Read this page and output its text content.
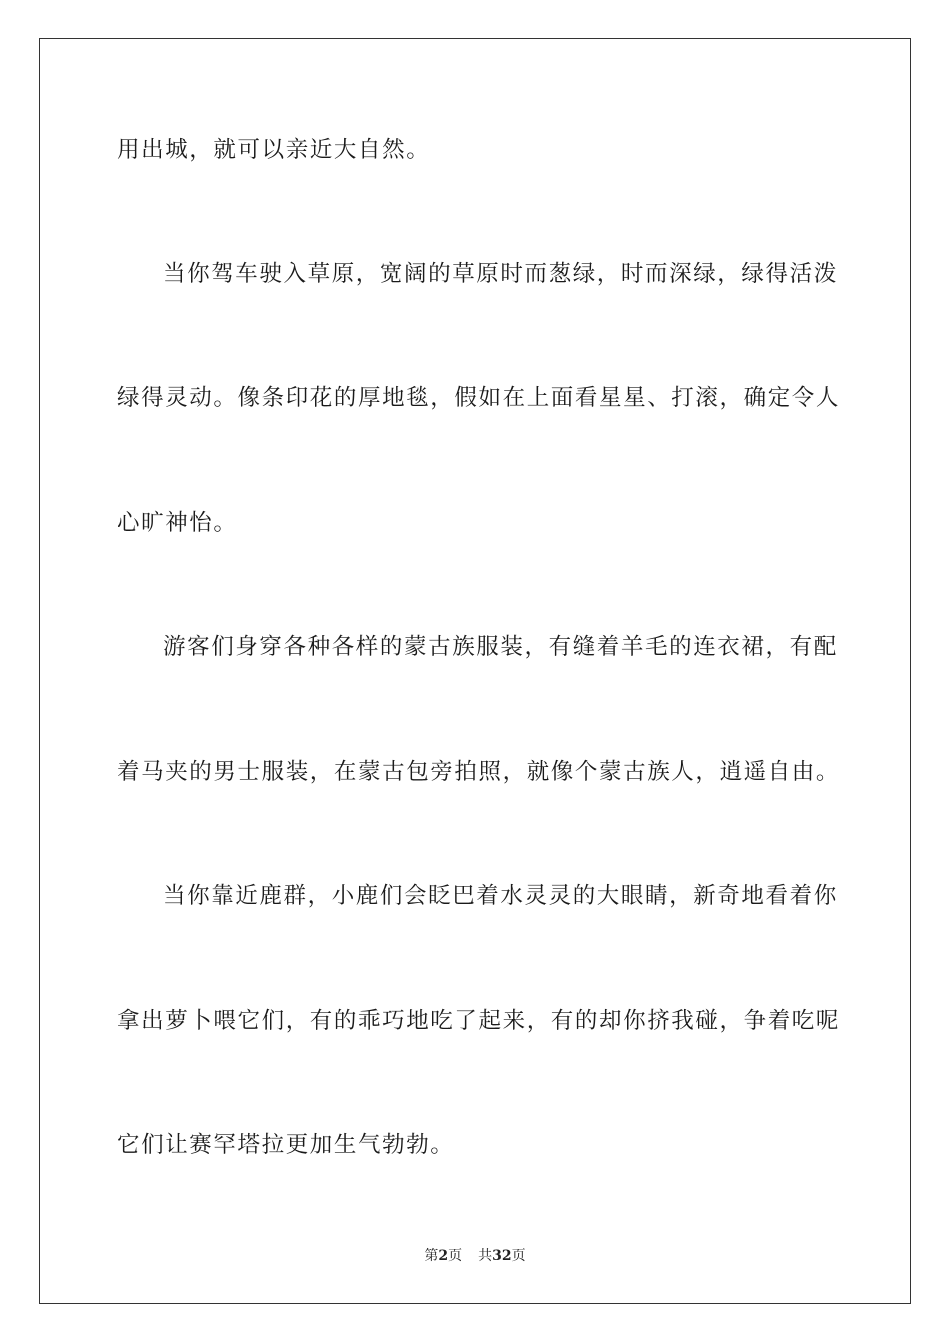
用出城，就可以亲近大自然。
当你驾车驶入草原，宽阔的草原时而葱绿，时而深绿，绿得活泼
绿得灵动。像条印花的厚地毯，假如在上面看星星、打滚，确定令人
心旷神怡。
游客们身穿各种各样的蒙古族服装，有缝着羊毛的连衣裙，有配
着马夹的男士服装，在蒙古包旁拍照，就像个蒙古族人，逍遥自由。
当你靠近鹿群，小鹿们会眨巴着水灵灵的大眼睛，新奇地看着你
拿出萝卜喂它们，有的乖巧地吃了起来，有的却你挤我碰，争着吃呢
它们让赛罕塔拉更加生气勃勃。
第2页 共32页
